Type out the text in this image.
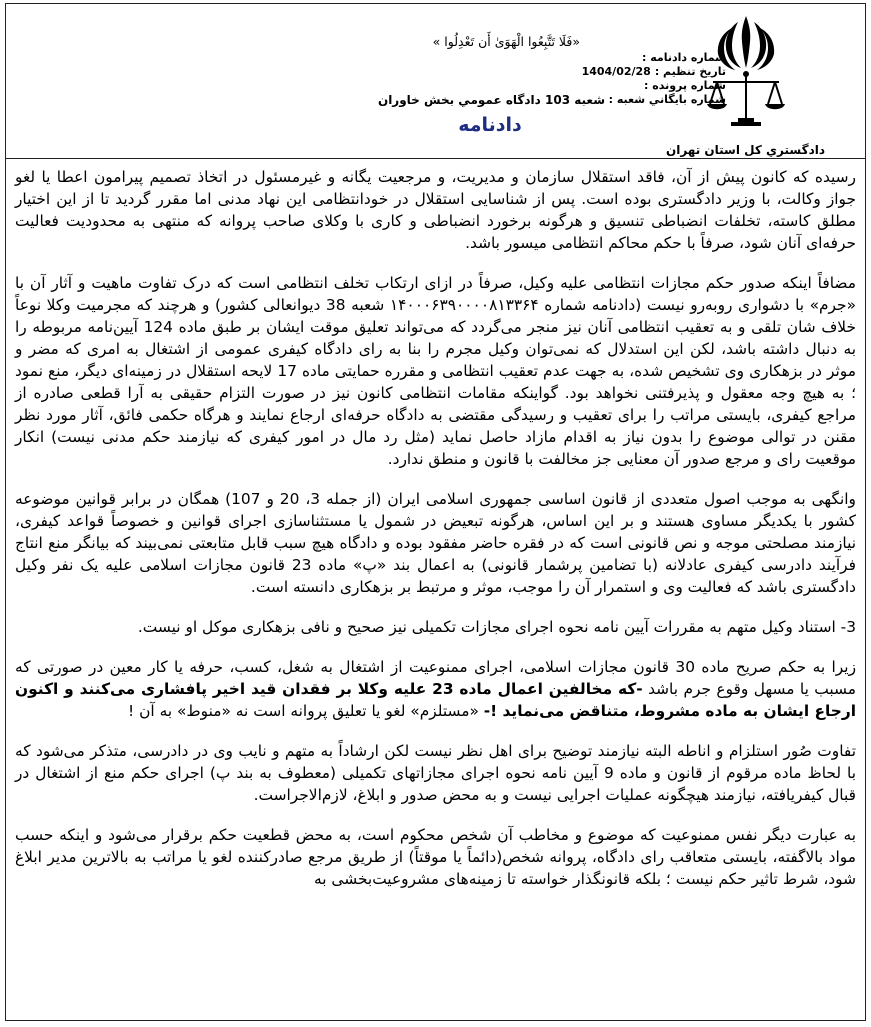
دادگستري كل استان تهران
«فَلَا تَتَّبِعُوا الْهَوَىٰ أَن تَعْدِلُوا »
شعبه 103 دادگاه عمومي بخش خاوران
دادنامه
شماره دادنامه :
تاریخ تنظیم :
1404/02/28
شماره پرونده :
شماره بايگاني شعبه :

رسیده که کانون پیش از آن، فاقد استقلال سازمان و مدیریت، و مرجعیت یگانه و غیرمسئول در اتخاذ تصمیم پیرامون اعطا یا لغو جواز وکالت، با وزیر دادگستری بوده است. پس از شناسایی استقلال در خودانتظامی این نهاد مدنی اما مقرر گردید تا از این اختیار مطلق کاسته، تخلفات انضباطی تنسیق و هرگونه برخورد انضباطی و کاری با وکلای صاحب پروانه که منتهی به محدودیت فعالیت حرفه‌ای آنان شود، صرفاً با حکم محاکم انتظامی میسور باشد.

مضافاً اینکه صدور حکم مجازات انتظامی علیه وکیل، صرفاً در ازای ارتکاب تخلف انتظامی است که درک تفاوت ماهیت و آثار آن با «جرم» با دشواری روبه‌رو نیست (دادنامه شماره ۱۴۰۰۰۶۳۹۰۰۰۰۸۱۳۳۶۴ شعبه 38 دیوانعالی کشور) و هرچند که مجرمیت وکلا نوعاً خلاف شان تلقی و به تعقیب انتظامی آنان نیز منجر می‌گردد که می‌تواند تعلیق موقت ایشان بر طبق ماده 124 آیین‌نامه مربوطه را به دنبال داشته باشد، لکن این استدلال که نمی‌توان وکیل مجرم را بنا به رای دادگاه کیفری عمومی از اشتغال به امری که مضر و موثر در بزهکاری وی تشخیص شده، به جهت عدم تعقیب انتظامی و مقرره حمایتی ماده 17 لایحه استقلال در زمینه‌ای دیگر، منع نمود ؛ به هیچ وجه معقول و پذیرفتنی نخواهد بود. گواینکه مقامات انتظامی کانون نیز در صورت التزام حقیقی به آرا قطعی صادره از مراجع کیفری، بایستی مراتب را برای تعقیب و رسیدگی مقتضی به دادگاه حرفه‌ای ارجاع نمایند و هرگاه حکمی فائق، آثار مورد نظر مقنن در توالی موضوع را بدون نیاز به اقدام مازاد حاصل نماید (مثل رد مال در امور کیفری که نیازمند حکم مدنی نیست) انکار موقعیت رای و مرجع صدور آن معنایی جز مخالفت با قانون و منطق ندارد.

وانگهی به موجب اصول متعددی از قانون اساسی جمهوری اسلامی ایران (از جمله 3، 20 و 107) همگان در برابر قوانین موضوعه کشور با یکدیگر مساوی هستند و بر این اساس، هرگونه تبعیض در شمول یا مستثناسازی اجرای قوانین و خصوصاً قواعد کیفری، نیازمند مصلحتی موجه و نص قانونی است که در فقره حاضر مفقود بوده و دادگاه هیچ سبب قابل متابعتی نمی‌بیند که بیانگر منع انتاج فرآیند دادرسی کیفری عادلانه (با تضامین پرشمار قانونی) به اعمال بند «پ» ماده 23 قانون مجازات اسلامی علیه یک نفر وکیل دادگستری باشد که فعالیت وی و استمرار آن را موجب، موثر و مرتبط بر بزهکاری دانسته است.

3- استناد وکیل متهم به مقررات آیین نامه نحوه اجرای مجازات تکمیلی نیز صحیح و نافی بزهکاری موکل او نیست.

زیرا به حکم صریح ماده 30 قانون مجازات اسلامی، اجرای ممنوعیت از اشتغال به شغل، کسب، حرفه یا کار معین در صورتی که مسبب یا مسهل وقوع جرم باشد -که مخالفین اعمال ماده 23 علیه وکلا بر فقدان قید اخیر پافشاری می‌کنند و اکنون ارجاع ایشان به ماده مشروط، متناقض می‌نماید !- «مستلزم» لغو یا تعلیق پروانه است نه «منوط» به آن !

تفاوت صُور استلزام و اناطه البته نیازمند توضیح برای اهل نظر نیست لکن ارشاداً به متهم و نایب وی در دادرسی، متذکر می‌شود که با لحاظ ماده مرقوم از قانون و ماده 9 آیین نامه نحوه اجرای مجازاتهای تکمیلی (معطوف به بند پ) اجرای حکم منع از اشتغال در قبال کیفریافته، نیازمند هیچگونه عملیات اجرایی نیست و به محض صدور و ابلاغ، لازم‌الاجراست.

به عبارت دیگر نفس ممنوعیت که موضوع و مخاطب آن شخص محکوم است، به محض قطعیت حکم برقرار می‌شود و اینکه حسب مواد بالاگفته، بایستی متعاقب رای دادگاه، پروانه شخص(دائماً یا موقتاً) از طریق مرجع صادرکننده لغو یا مراتب به بالاترین مدیر ابلاغ شود، شرط تاثیر حکم نیست ؛ بلکه قانونگذار خواسته تا زمینه‌های مشروعیت‌بخشی به
